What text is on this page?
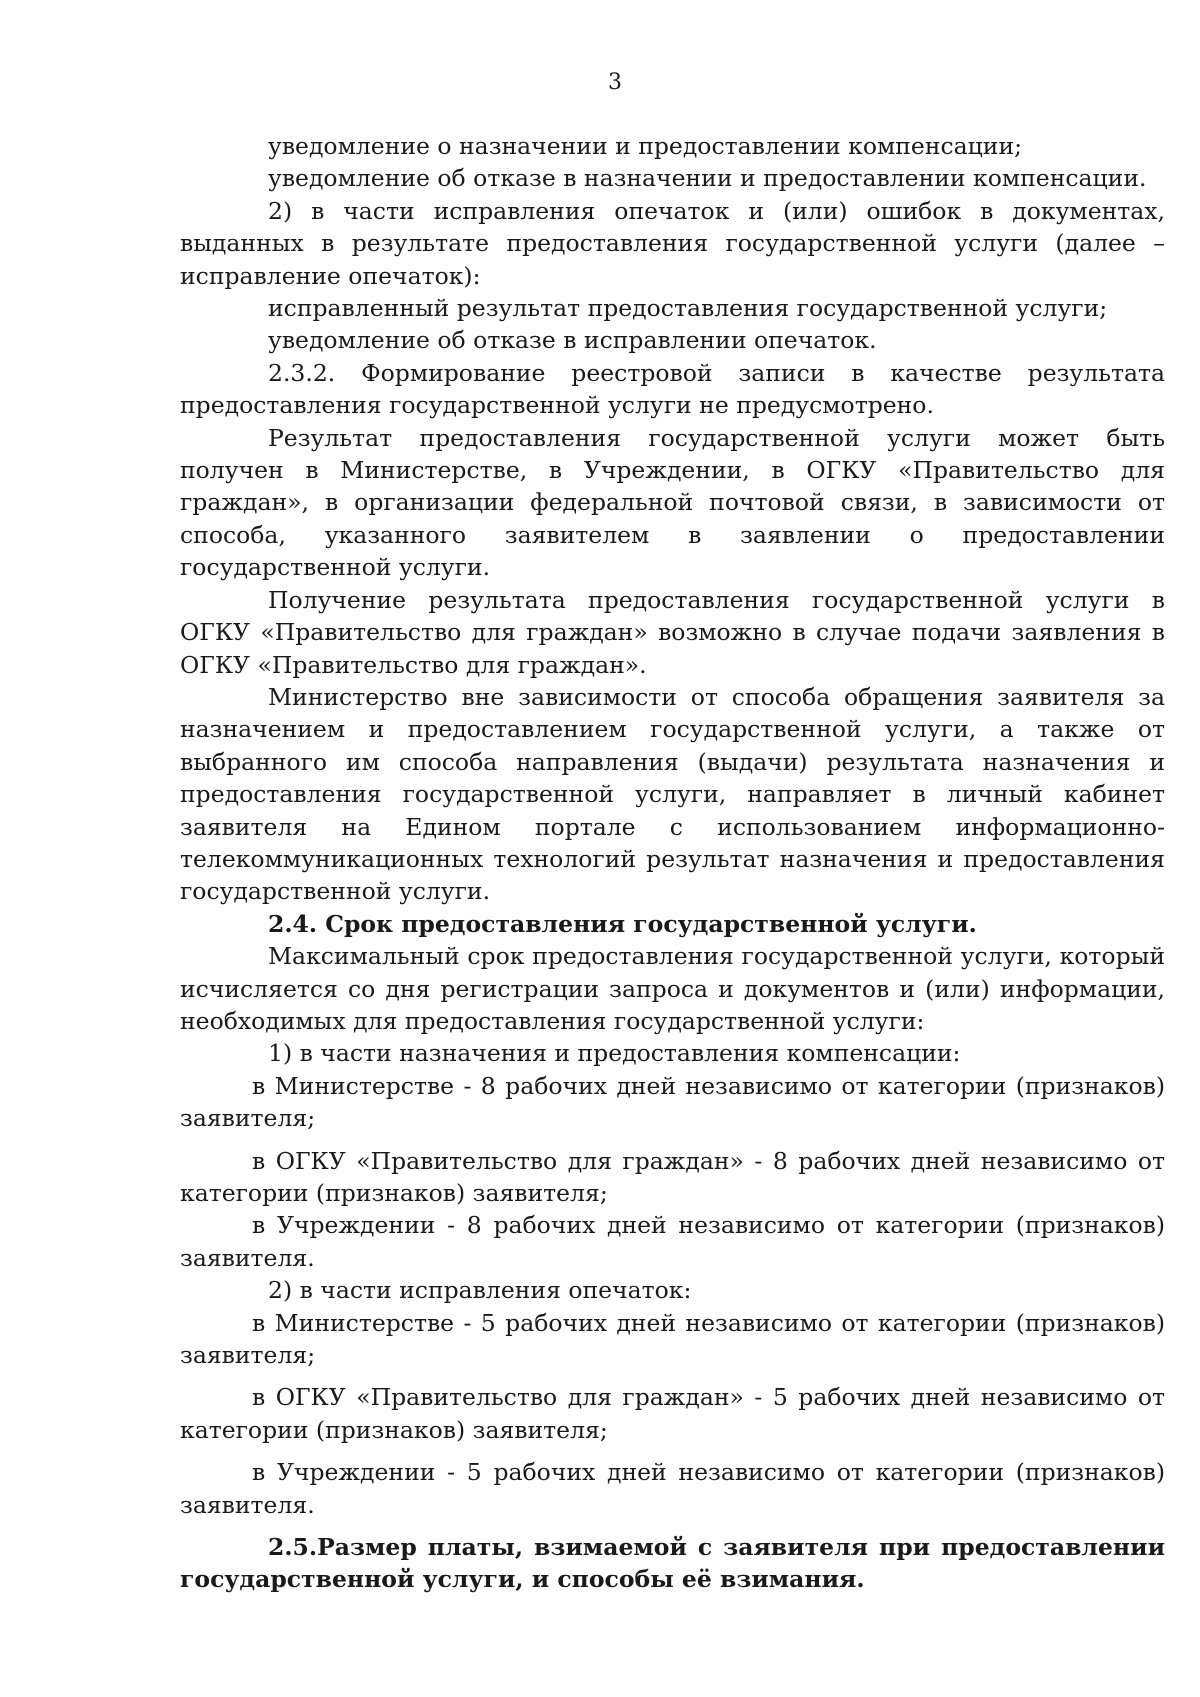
3

уведомление о назначении и предоставлении компенсации;

уведомление об отказе в назначении и предоставлении компенсации.

2) в части исправления опечаток и (или) ошибок в документах, выданных в результате предоставления государственной услуги (далее – исправление опечаток):

исправленный результат предоставления государственной услуги;

уведомление об отказе в исправлении опечаток.

2.3.2. Формирование реестровой записи в качестве результата предоставления государственной услуги не предусмотрено.

Результат предоставления государственной услуги может быть получен в Министерстве, в Учреждении, в ОГКУ «Правительство для граждан», в организации федеральной почтовой связи, в зависимости от способа, указанного заявителем в заявлении о предоставлении государственной услуги.

Получение результата предоставления государственной услуги в ОГКУ «Правительство для граждан» возможно в случае подачи заявления в ОГКУ «Правительство для граждан».

Министерство вне зависимости от способа обращения заявителя за назначением и предоставлением государственной услуги, а также от выбранного им способа направления (выдачи) результата назначения и предоставления государственной услуги, направляет в личный кабинет заявителя на Едином портале с использованием информационно-телекоммуникационных технологий результат назначения и предоставления государственной услуги.

2.4. Срок предоставления государственной услуги.

Максимальный срок предоставления государственной услуги, который исчисляется со дня регистрации запроса и документов и (или) информации, необходимых для предоставления государственной услуги:

1) в части назначения и предоставления компенсации:

в Министерстве - 8 рабочих дней независимо от категории (признаков) заявителя;

в ОГКУ «Правительство для граждан» - 8 рабочих дней независимо от категории (признаков) заявителя;

в Учреждении - 8 рабочих дней независимо от категории (признаков) заявителя.

2) в части исправления опечаток:

в Министерстве - 5 рабочих дней независимо от категории (признаков) заявителя;

в ОГКУ «Правительство для граждан» - 5 рабочих дней независимо от категории (признаков) заявителя;

в Учреждении - 5 рабочих дней независимо от категории (признаков) заявителя.

2.5.Размер платы, взимаемой с заявителя при предоставлении государственной услуги, и способы её взимания.
